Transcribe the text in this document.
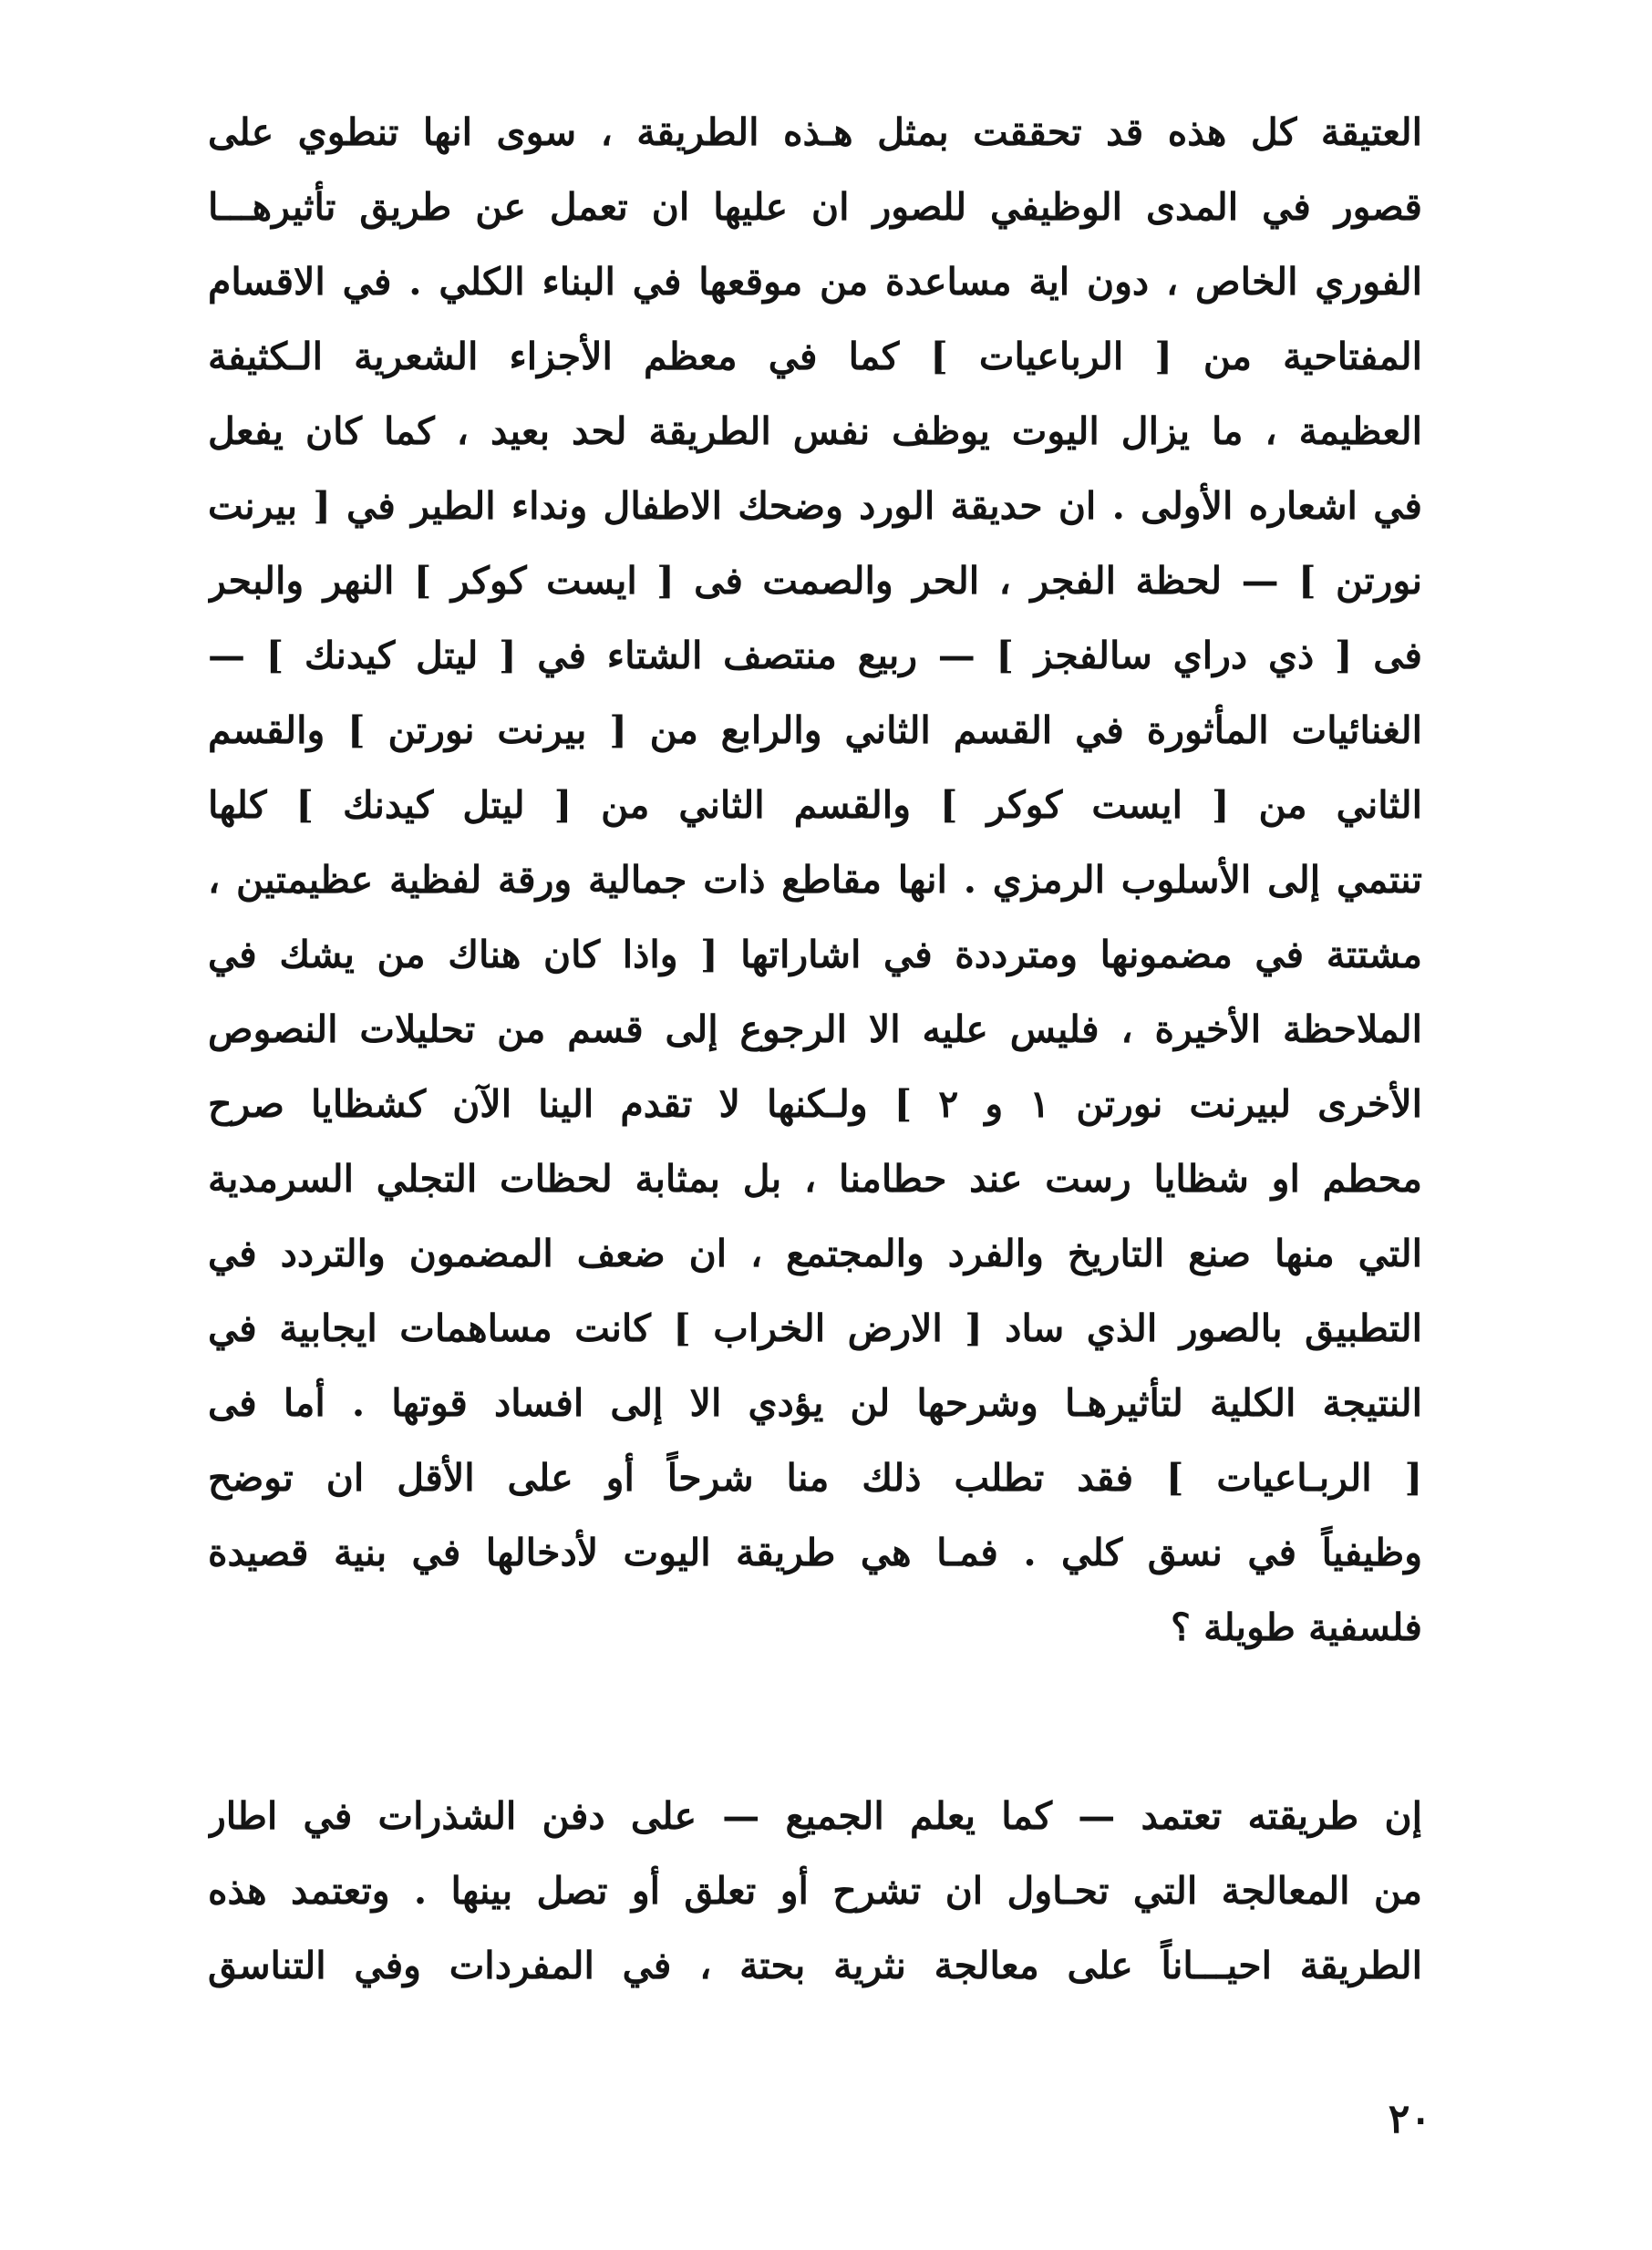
العتيقة كل هذه قد تحققت بمثل هـذه الطريقة ، سوى انها تنطوي على
قصور في المدى الوظيفي للصور ان عليها ان تعمل عن طريق تأثيرهـــا
الفوري الخاص ، دون اية مساعدة من موقعها في البناء الكلي . في الاقسام
المفتاحية من [ الرباعيات ] كما في معظم الأجزاء الشعرية الـكثيفة
العظيمة ، ما يزال اليوت يوظف نفس الطريقة لحد بعيد ، كما كان يفعل
في اشعاره الأولى . ان حديقة الورد وضحك الاطفال ونداء الطير في [ بيرنت
نورتن ] — لحظة الفجر ، الحر والصمت فى [ ايست كوكر ] النهر والبحر
فى [ ذي دراي سالفجز ] — ربيع منتصف الشتاء في [ ليتل كيدنك ] —
الغنائيات المأثورة في القسم الثاني والرابع من [ بيرنت نورتن ] والقسم
الثاني من [ ايست كوكر ] والقسم الثاني من [ ليتل كيدنك ] كلها
تنتمي إلى الأسلوب الرمزي . انها مقاطع ذات جمالية ورقة لفظية عظيمتين ،
مشتتة في مضمونها ومترددة في اشاراتها [ واذا كان هناك من يشك في
الملاحظة الأخيرة ، فليس عليه الا الرجوع إلى قسم من تحليلات النصوص
الأخرى لبيرنت نورتن ١ و ٢ ] ولـكنها لا تقدم الينا الآن كشظايا صرح
محطم او شظايا رست عند حطامنا ، بل بمثابة لحظات التجلي السرمدية
التي منها صنع التاريخ والفرد والمجتمع ، ان ضعف المضمون والتردد في
التطبيق بالصور الذي ساد [ الارض الخراب ] كانت مساهمات ايجابية في
النتيجة الكلية لتأثيرهـا وشرحها لن يؤدي الا إلى افساد قوتها . أما فى
[ الربـاعيات ] فقد تطلب ذلك منا شرحاً أو على الأقل ان توضح
وظيفياً في نسق كلي . فمـا هي طريقة اليوت لأدخالها في بنية قصيدة
فلسفية طويلة ؟
إن طريقته تعتمد — كما يعلم الجميع — على دفن الشذرات في اطار
من المعالجة التي تحـاول ان تشرح أو تعلق أو تصل بينها . وتعتمد هذه
الطريقة احيـــاناً على معالجة نثرية بحتة ، في المفردات وفي التناسق
٢٠
